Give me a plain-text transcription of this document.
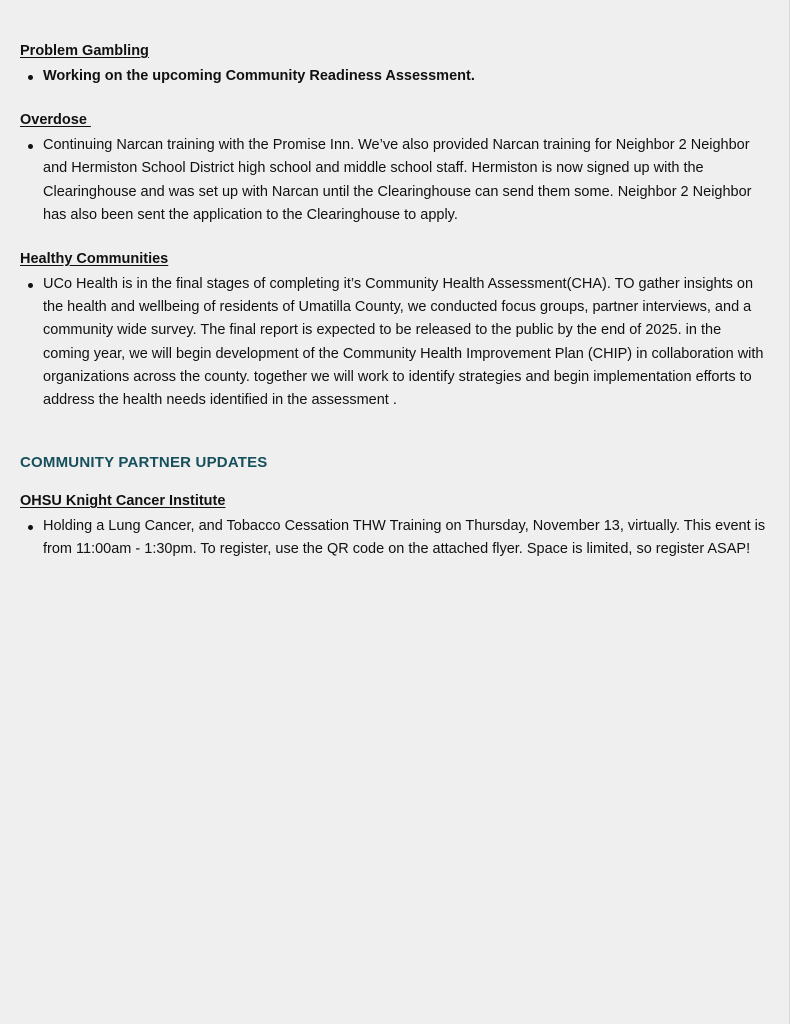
Problem Gambling
Working on the upcoming Community Readiness Assessment.
Overdose
Continuing Narcan training with the Promise Inn. We’ve also provided Narcan training for Neighbor 2 Neighbor and Hermiston School District high school and middle school staff. Hermiston is now signed up with the Clearinghouse and was set up with Narcan until the Clearinghouse can send them some. Neighbor 2 Neighbor has also been sent the application to the Clearinghouse to apply.
Healthy Communities
UCo Health is in the final stages of completing it’s Community Health Assessment(CHA). TO gather insights on the health and wellbeing of residents of Umatilla County, we conducted focus groups, partner interviews, and a community wide survey. The final report is expected to be released to the public by the end of 2025. in the coming year, we will begin development of the Community Health Improvement Plan (CHIP) in collaboration with organizations across the county. together we will work to identify strategies and begin implementation efforts to address the health needs identified in the assessment .
COMMUNITY PARTNER UPDATES
OHSU Knight Cancer Institute
Holding a Lung Cancer, and Tobacco Cessation THW Training on Thursday, November 13, virtually. This event is from 11:00am - 1:30pm. To register, use the QR code on the attached flyer. Space is limited, so register ASAP!
